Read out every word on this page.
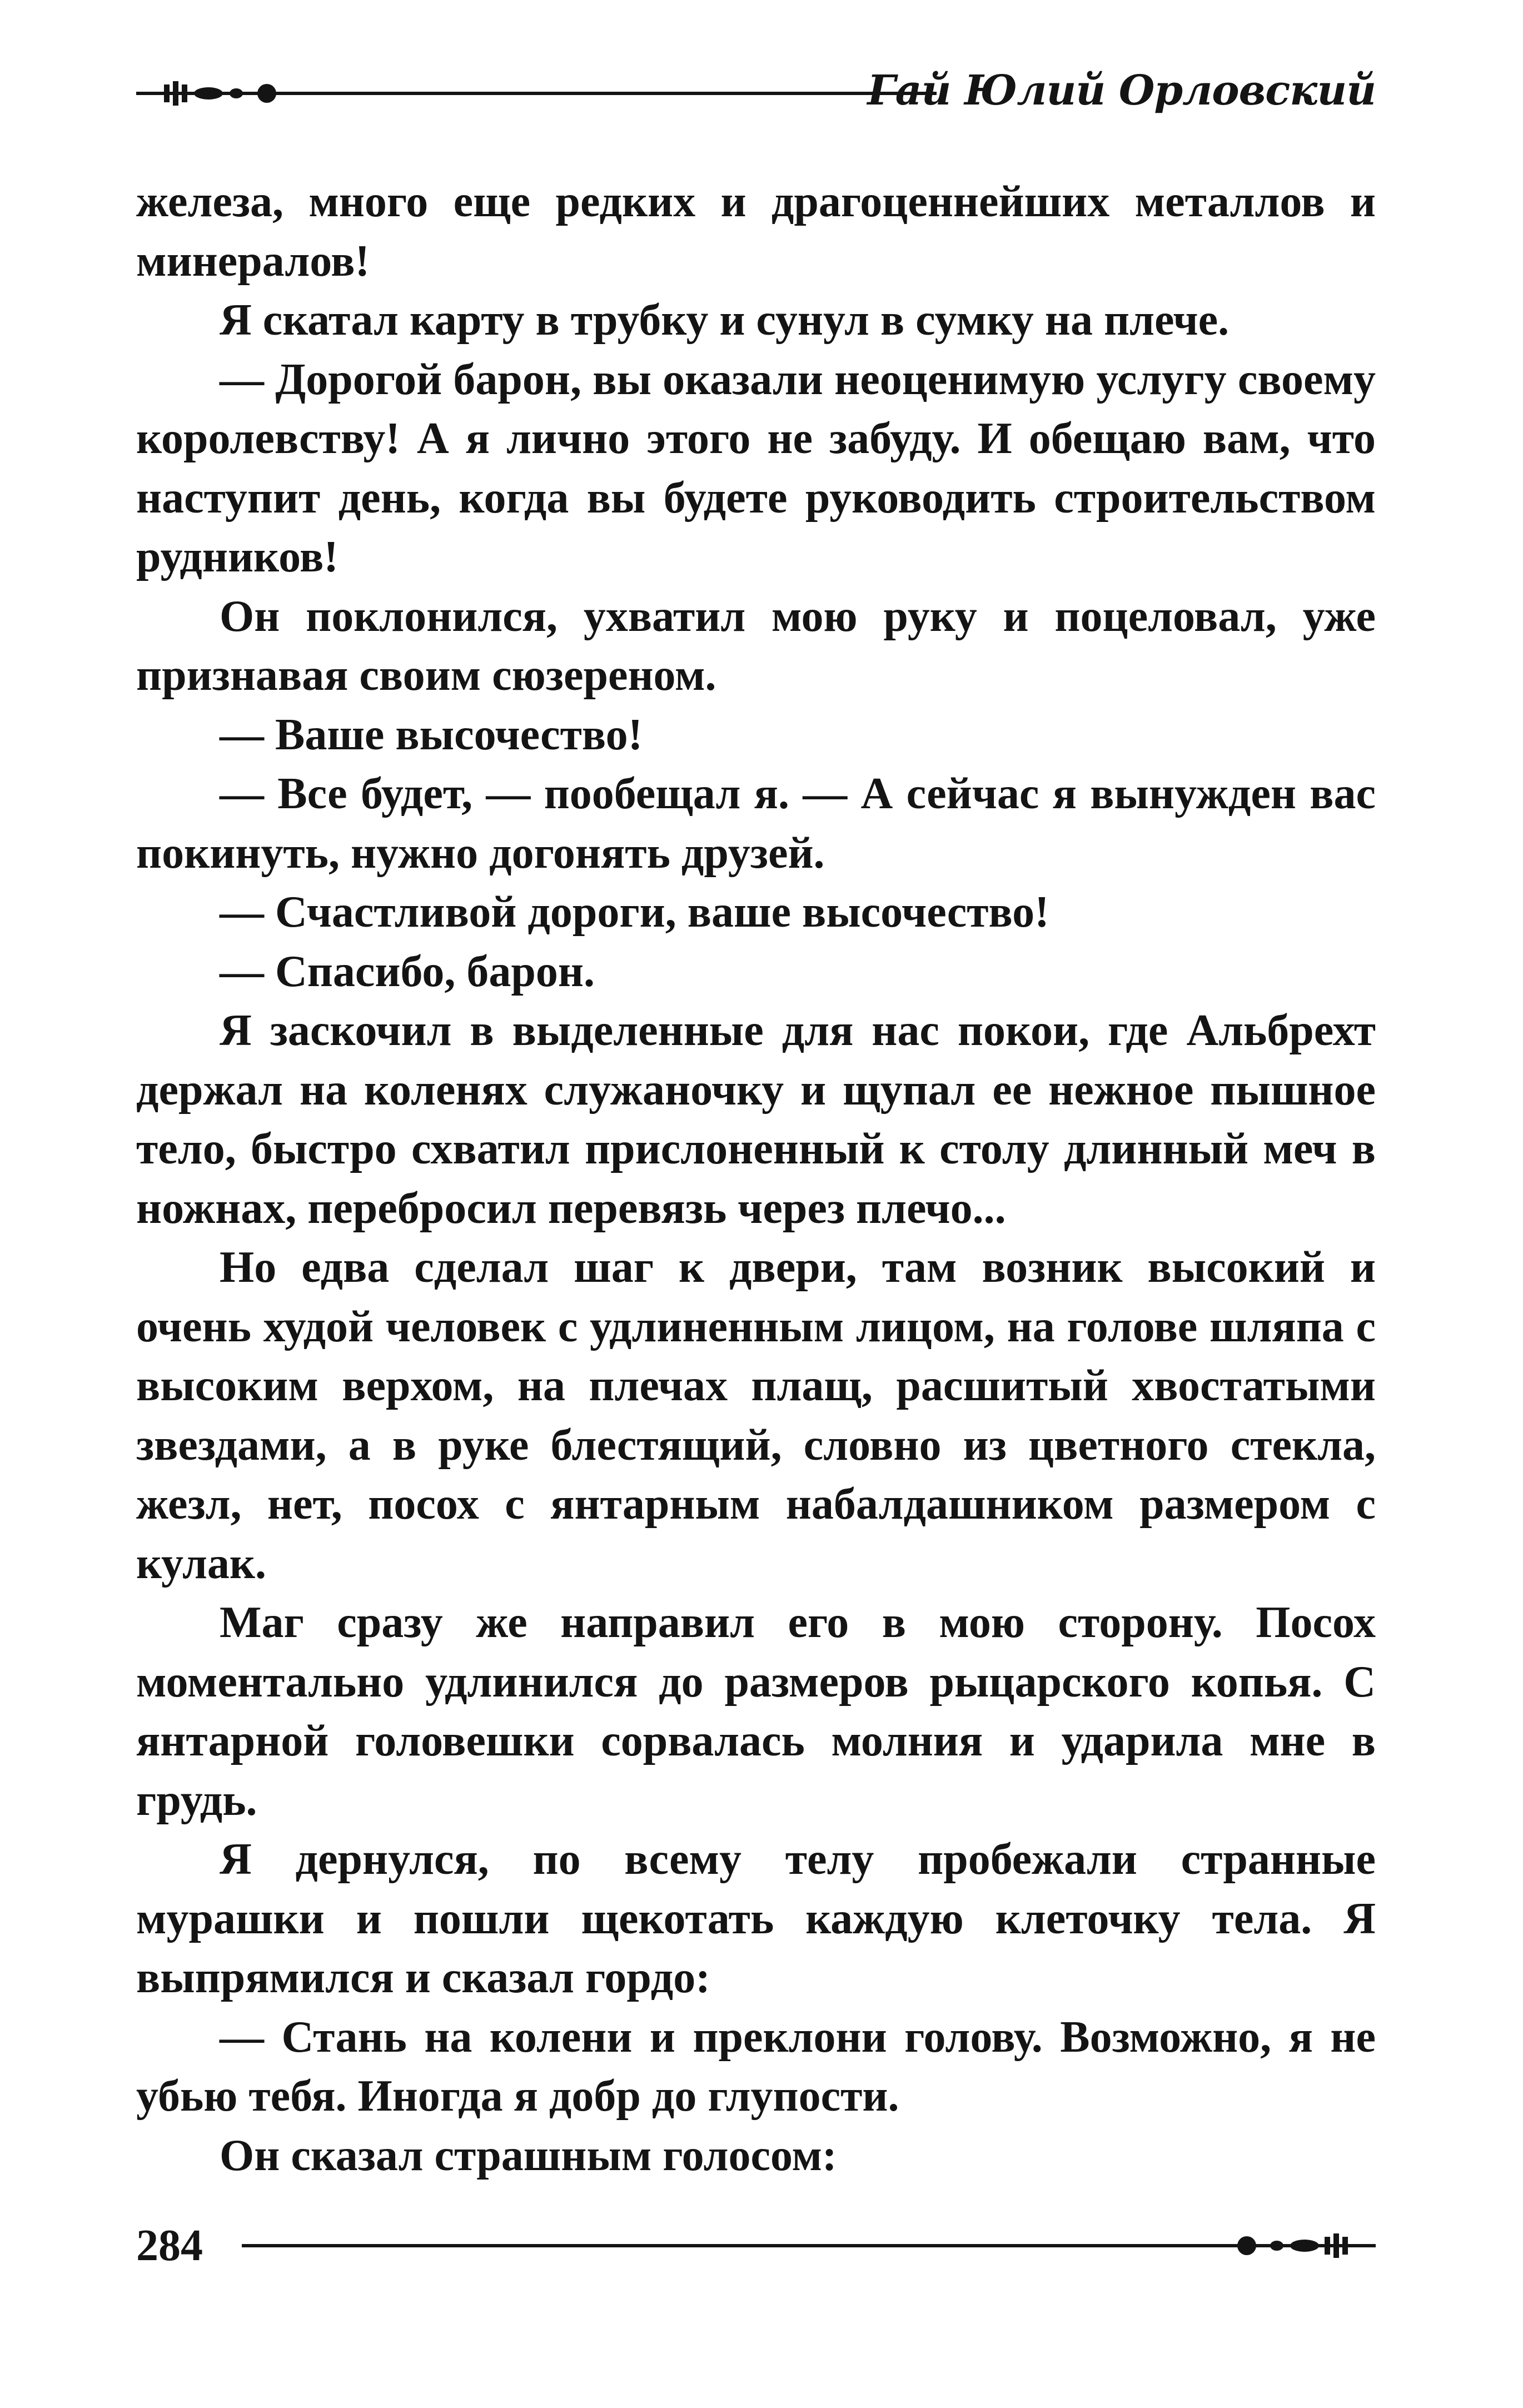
Гай Юлий Орловский

железа, много еще редких и драгоценнейших металлов и минералов!

Я скатал карту в трубку и сунул в сумку на плече.

— Дорогой барон, вы оказали неоценимую услугу своему королевству! А я лично этого не забуду. И обещаю вам, что наступит день, когда вы будете руководить строительством рудников!

Он поклонился, ухватил мою руку и поцеловал, уже признавая своим сюзереном.

— Ваше высочество!

— Все будет, — пообещал я. — А сейчас я вынужден вас покинуть, нужно догонять друзей.

— Счастливой дороги, ваше высочество!

— Спасибо, барон.

Я заскочил в выделенные для нас покои, где Альбрехт держал на коленях служаночку и щупал ее нежное пышное тело, быстро схватил прислоненный к столу длинный меч в ножнах, перебросил перевязь через плечо...

Но едва сделал шаг к двери, там возник высокий и очень худой человек с удлиненным лицом, на голове шляпа с высоким верхом, на плечах плащ, расшитый хвостатыми звездами, а в руке блестящий, словно из цветного стекла, жезл, нет, посох с янтарным набалдашником размером с кулак.

Маг сразу же направил его в мою сторону. Посох моментально удлинился до размеров рыцарского копья. С янтарной головешки сорвалась молния и ударила мне в грудь.

Я дернулся, по всему телу пробежали странные мурашки и пошли щекотать каждую клеточку тела. Я выпрямился и сказал гордо:

— Стань на колени и преклони голову. Возможно, я не убью тебя. Иногда я добр до глупости.

Он сказал страшным голосом:

284
